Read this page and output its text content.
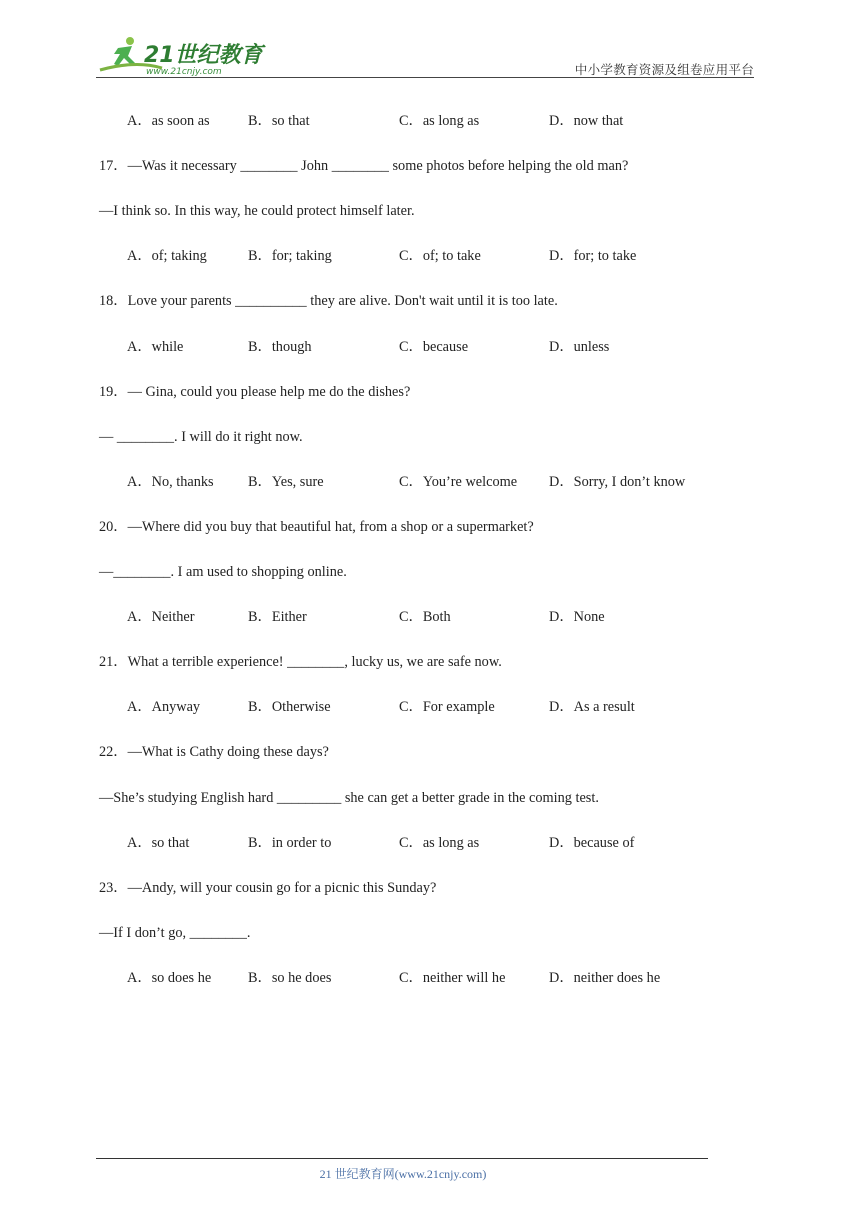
21世纪教育
www.21cnjy.com	中小学教育资源及组卷应用平台
A．as soon as	B．so that	C．as long as	D．now that
17．—Was it necessary ________ John ________ some photos before helping the old man?
—I think so. In this way, he could protect himself later.
A．of; taking	B．for; taking	C．of; to take	D．for; to take
18．Love your parents __________ they are alive. Don't wait until it is too late.
A．while	B．though	C．because	D．unless
19．— Gina, could you please help me do the dishes?
— ________. I will do it right now.
A．No, thanks B．Yes, sure	C．You’re welcome D．Sorry, I don’t know
20．—Where did you buy that beautiful hat, from a shop or a supermarket?
—________. I am used to shopping online.
A．Neither	B．Either	C．Both	D．None
21．What a terrible experience! ________, lucky us, we are safe now.
A．Anyway	B．Otherwise	C．For example	D．As a result
22．—What is Cathy doing these days?
—She’s studying English hard _________ she can get a better grade in the coming test.
A．so that	B．in order to	C．as long as	D．because of
23．—Andy, will your cousin go for a picnic this Sunday?
—If I don’t go, ________.
A．so does he	B．so he does	C．neither will he	D．neither does he
21 世纪教育网(www.21cnjy.com)
